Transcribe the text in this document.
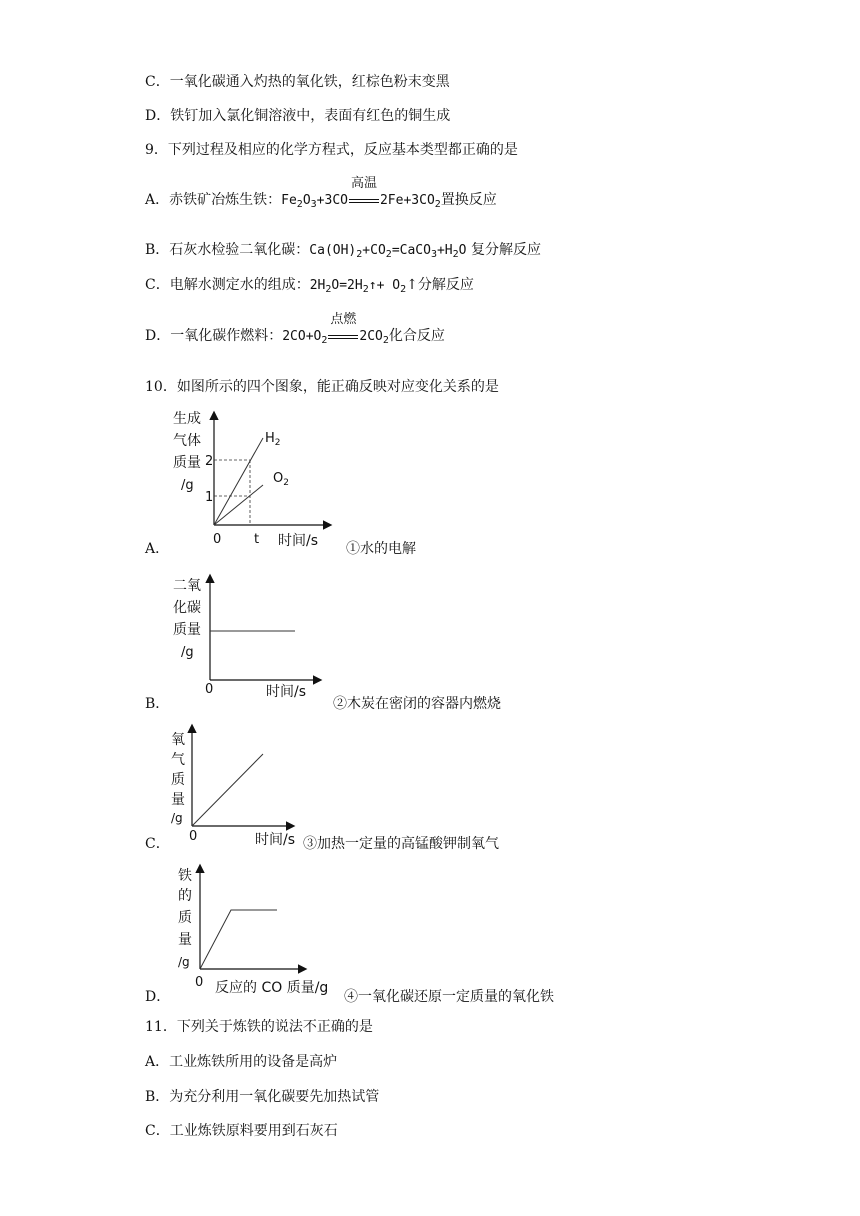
C．一氧化碳通入灼热的氧化铁，红棕色粉末变黑
D．铁钉加入氯化铜溶液中，表面有红色的铜生成
9．下列过程及相应的化学方程式，反应基本类型都正确的是
A．赤铁矿冶炼生铁：$Fe_2O_3+3CO$
高温
$2Fe+3CO_2$置换反应
B．石灰水检验二氧化碳：$Ca(OH)_2+CO_2=CaCO_3+H_2O$ 复分解反应
C．电解水测定水的组成：$2H_2O=2H_2↑+$ $O_2↑$分解反应
D．一氧化碳作燃料：$2CO+O_2$
点燃
$2CO_2$化合反应
10．如图所示的四个图象，能正确反映对应变化关系的是
A．
生成
气体
质量
/g
2
1
$H_2$
$O_2$
0	t 时间/s ①水的电解
B．
二氧
化碳
质量
/g
0	时间/s
②木炭在密闭的容器内燃烧
C．
氧
气
质
量
/g
0	时间/s ③加热一定量的高锰酸钾制氧气
D．
铁
的
质
量
/g
0 反应的 CO 质量/g
④一氧化碳还原一定质量的氧化铁
11．下列关于炼铁的说法不正确的是
A．工业炼铁所用的设备是高炉
B．为充分利用一氧化碳要先加热试管
C．工业炼铁原料要用到石灰石
